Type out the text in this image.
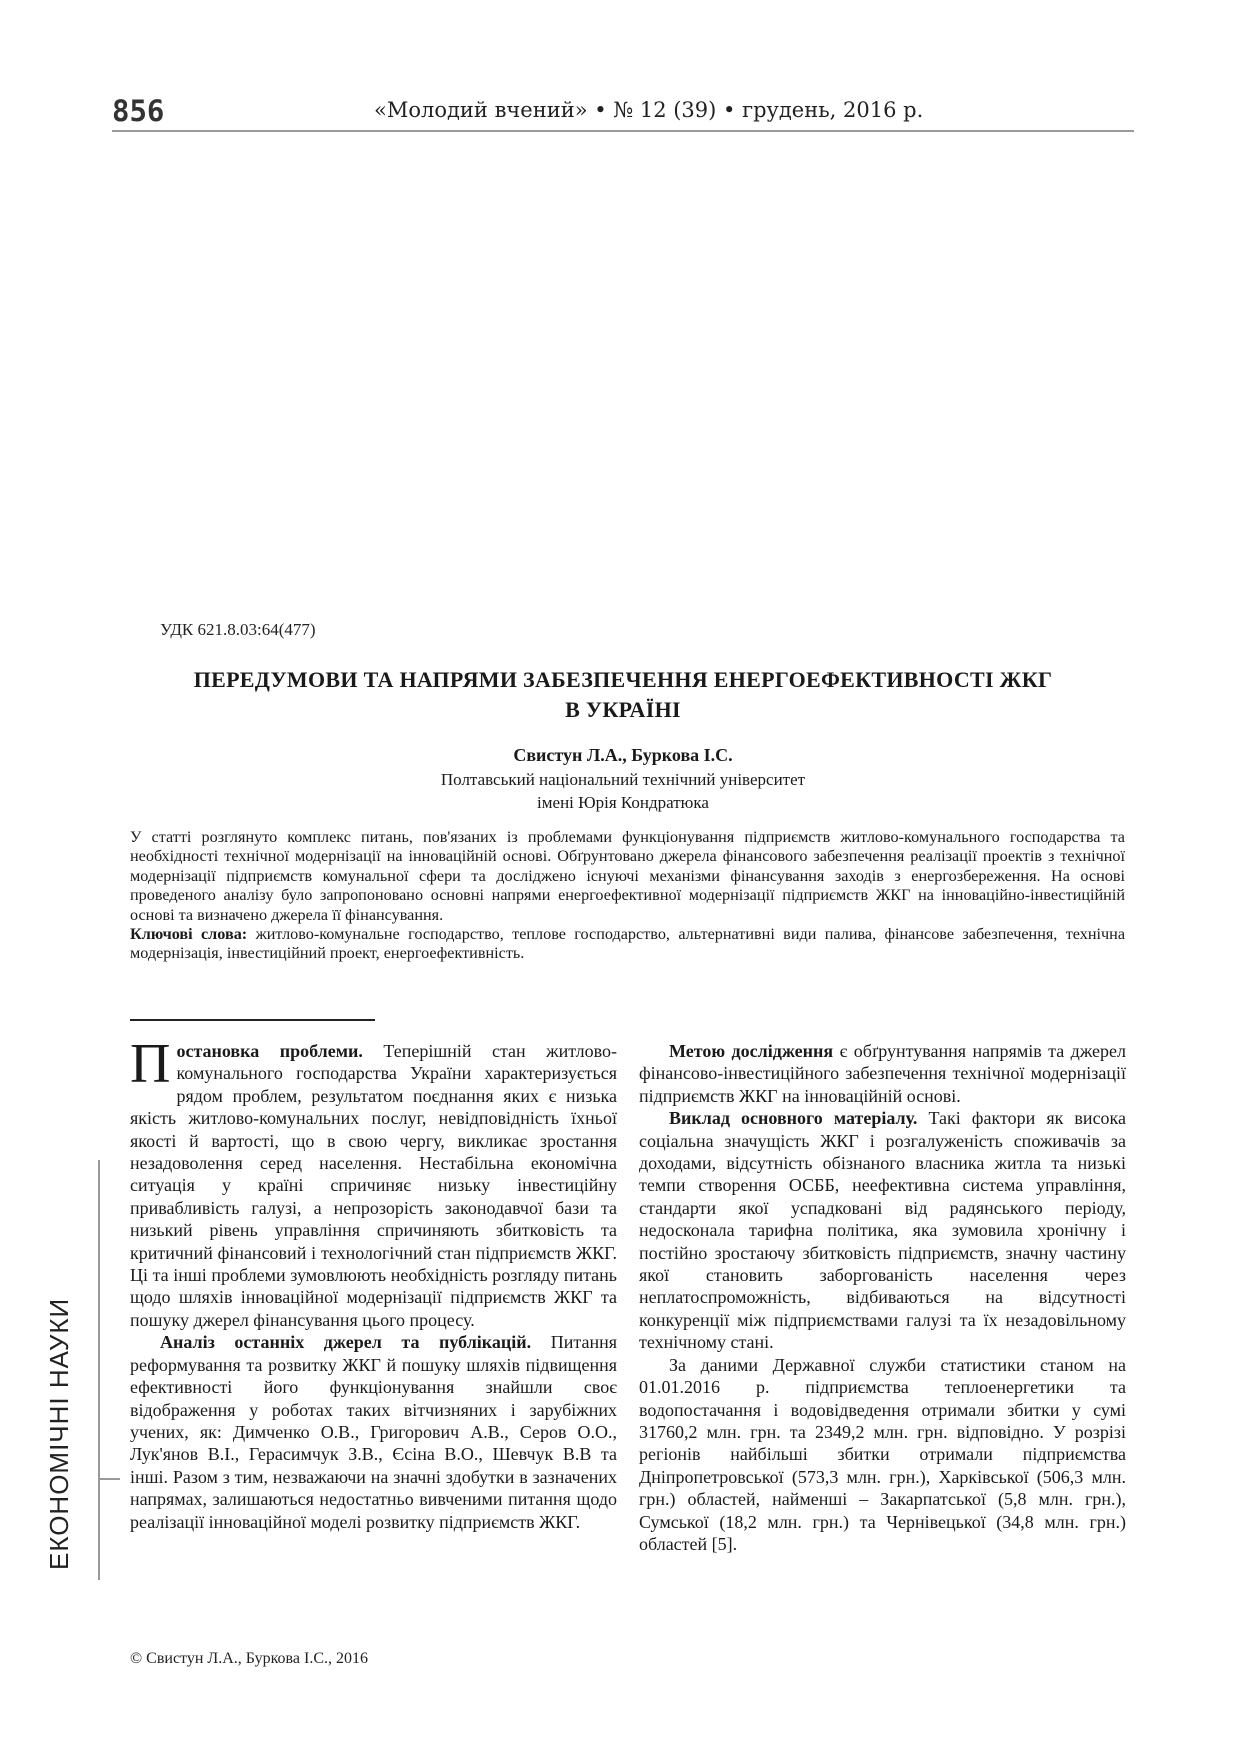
856	«Молодий вчений» • № 12 (39) • грудень, 2016 р.
УДК 621.8.03:64(477)
ПЕРЕДУМОВИ ТА НАПРЯМИ ЗАБЕЗПЕЧЕННЯ ЕНЕРГОЕФЕКТИВНОСТІ ЖКГ
В УКРАЇНІ
Свистун Л.А., Буркова І.С.
Полтавський національний технічний університет
імені Юрія Кондратюка

У статті розглянуто комплекс питань, пов'язаних із проблемами функціонування підприємств житлово-комунального господарства та необхідності технічної модернізації на інноваційній основі. Обґрунтовано джерела фінансового забезпечення реалізації проектів з технічної модернізації підприємств комунальної сфери та досліджено існуючі механізми фінансування заходів з енергозбереження. На основі проведеного аналізу було запропоновано основні напрями енергоефективної модернізації підприємств ЖКГ на інноваційно-інвестиційній основі та визначено джерела її фінансування.

Ключові слова: житлово-комунальне господарство, теплове господарство, альтернативні види палива, фінансове забезпечення, технічна модернізація, інвестиційний проект, енергоефективність.

Постановка проблеми. Теперішній стан житлово-комунального господарства України характеризується рядом проблем, результатом поєднання яких є низька якість житлово-комунальних послуг, невідповідність їхньої якості й вартості, що в свою чергу, викликає зростання незадоволення серед населення. Нестабільна економічна ситуація у країні спричиняє низьку інвестиційну привабливість галузі, а непрозорість законодавчої бази та низький рівень управління спричиняють збитковість та критичний фінансовий і технологічний стан підприємств ЖКГ. Ці та інші проблеми зумовлюють необхідність розгляду питань щодо шляхів інноваційної модернізації підприємств ЖКГ та пошуку джерел фінансування цього процесу.

Аналіз останніх джерел та публікацій. Питання реформування та розвитку ЖКГ й пошуку шляхів підвищення ефективності його функціонування знайшли своє відображення у роботах таких вітчизняних і зарубіжних учених, як: Димченко О.В., Григорович А.В., Серов О.О., Лук'янов В.І., Герасимчук З.В., Єсіна В.О., Шевчук В.В та інші. Разом з тим, незважаючи на значні здобутки в зазначених напрямах, залишаються недостатньо вивченими питання щодо реалізації інноваційної моделі розвитку підприємств ЖКГ.

Метою дослідження є обґрунтування напрямів та джерел фінансово-інвестиційного забезпечення технічної модернізації підприємств ЖКГ на інноваційній основі.

Виклад основного матеріалу. Такі фактори як висока соціальна значущість ЖКГ і розгалуженість споживачів за доходами, відсутність обізнаного власника житла та низькі темпи створення ОСББ, неефективна система управління, стандарти якої успадковані від радянського періоду, недосконала тарифна політика, яка зумовила хронічну і постійно зростаючу збитковість підприємств, значну частину якої становить заборгованість населення через неплатоспроможність, відбиваються на відсутності конкуренції між підприємствами галузі та їх незадовільному технічному стані.

За даними Державної служби статистики станом на 01.01.2016 р. підприємства теплоенергетики та водопостачання і водовідведення отримали збитки у сумі 31760,2 млн. грн. та 2349,2 млн. грн. відповідно. У розрізі регіонів найбільші збитки отримали підприємства Дніпропетровської (573,3 млн. грн.), Харківської (506,3 млн. грн.) областей, найменші – Закарпатської (5,8 млн. грн.), Сумської (18,2 млн. грн.) та Чернівецької (34,8 млн. грн.) областей [5].

ЕКОНОМІЧНІ НАУКИ
© Свистун Л.А., Буркова І.С., 2016
